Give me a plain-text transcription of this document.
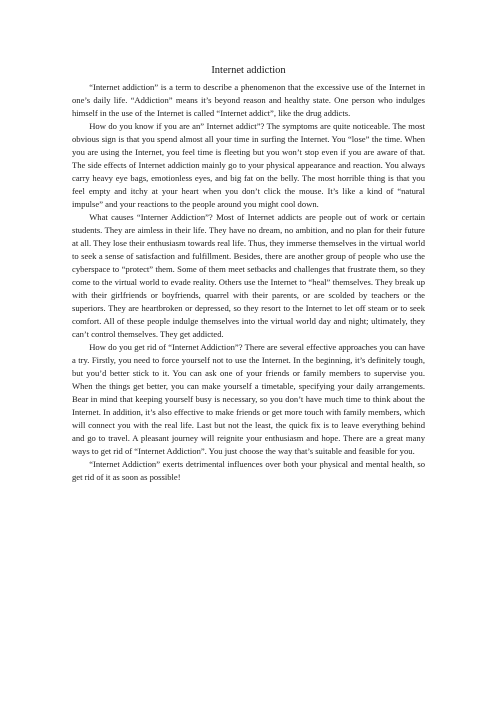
Internet addiction

“Internet addiction” is a term to describe a phenomenon that the excessive use of the Internet in one’s daily life. “Addiction” means it’s beyond reason and healthy state. One person who indulges himself in the use of the Internet is called “Internet addict”, like the drug addicts.

How do you know if you are an” Internet addict”? The symptoms are quite noticeable. The most obvious sign is that you spend almost all your time in surfing the Internet. You “lose” the time. When you are using the Internet, you feel time is fleeting but you won’t stop even if you are aware of that. The side effects of Internet addiction mainly go to your physical appearance and reaction. You always carry heavy eye bags, emotionless eyes, and big fat on the belly. The most horrible thing is that you feel empty and itchy at your heart when you don’t click the mouse. It’s like a kind of “natural impulse” and your reactions to the people around you might cool down.

What causes “Interner Addiction”? Most of Internet addicts are people out of work or certain students. They are aimless in their life. They have no dream, no ambition, and no plan for their future at all. They lose their enthusiasm towards real life. Thus, they immerse themselves in the virtual world to seek a sense of satisfaction and fulfillment. Besides, there are another group of people who use the cyberspace to “protect” them. Some of them meet setbacks and challenges that frustrate them, so they come to the virtual world to evade reality. Others use the Internet to “heal” themselves. They break up with their girlfriends or boyfriends, quarrel with their parents, or are scolded by teachers or the superiors. They are heartbroken or depressed, so they resort to the Internet to let off steam or to seek comfort. All of these people indulge themselves into the virtual world day and night; ultimately, they can’t control themselves. They get addicted.

How do you get rid of “Internet Addiction”? There are several effective approaches you can have a try. Firstly, you need to force yourself not to use the Internet. In the beginning, it’s definitely tough, but you’d better stick to it. You can ask one of your friends or family members to supervise you. When the things get better, you can make yourself a timetable, specifying your daily arrangements. Bear in mind that keeping yourself busy is necessary, so you don’t have much time to think about the Internet. In addition, it’s also effective to make friends or get more touch with family members, which will connect you with the real life. Last but not the least, the quick fix is to leave everything behind and go to travel. A pleasant journey will reignite your enthusiasm and hope. There are a great many ways to get rid of “Internet Addiction”. You just choose the way that’s suitable and feasible for you.

“Internet Addiction” exerts detrimental influences over both your physical and mental health, so get rid of it as soon as possible!
